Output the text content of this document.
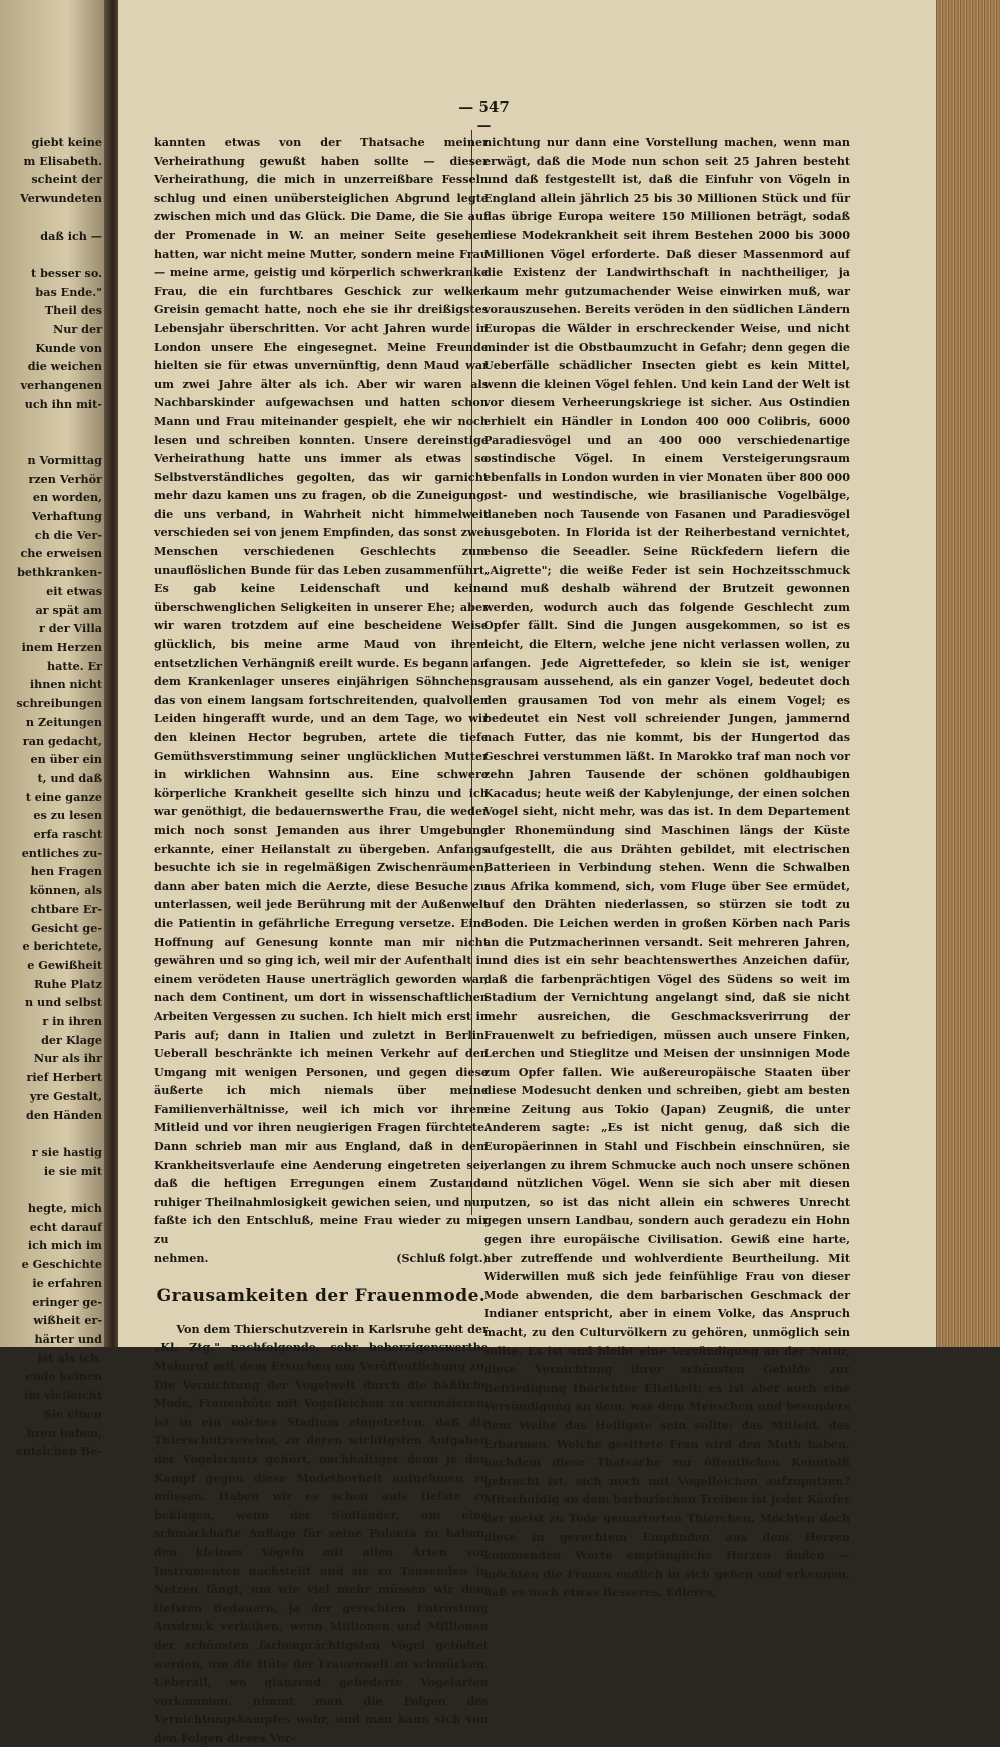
giebt keine
m Elisabeth.
scheint der
Verwundeten

daß ich —

t besser so.
bas Ende."
Theil des
Nur der
Kunde von
die weichen
verhangenen
uch ihn mit-

n Vormittag
rzen Verhör
en worden,
Verhaftung
ch die Ver-
che erweisen
bethkranken-
eit etwas
ar spät am
r der Villa
inem Herzen
hatte. Er
ihnen nicht
schreibungen
n Zeitungen
ran gedacht,
en über ein
t, und daß
t eine ganze
es zu lesen
erfa rascht
entliches zu-
hen Fragen
können, als
chtbare Er-
Gesicht ge-
e berichtete,
e Gewißheit
Ruhe Platz
n und selbst
r in ihren
der Klage
Nur als ihr
rief Herbert
yre Gestalt,
den Händen

r sie hastig
ie sie mit

hegte, mich
echt darauf
ich mich im
e Geschichte
ie erfahren
eringer ge-
wißheit er-
härter und
ist als ich.
ende keinen
im vielleicht
Sie einen
hren haben,
entsichen Be-
— 547 —

kannten etwas von der Thatsache meiner Verheirathung gewußt haben sollte — dieser Verheirathung, die mich in unzerreißbare Fesseln schlug und einen unübersteiglichen Abgrund legte zwischen mich und das Glück. Die Dame, die Sie auf der Promenade in W. an meiner Seite gesehen hatten, war nicht meine Mutter, sondern meine Frau — meine arme, geistig und körperlich schwerkranke Frau, die ein furchtbares Geschick zur welken Greisin gemacht hatte, noch ehe sie ihr dreißigstes Lebensjahr überschritten. Vor acht Jahren wurde in London unsere Ehe eingesegnet. Meine Freunde hielten sie für etwas unvernünftig, denn Maud war um zwei Jahre älter als ich. Aber wir waren als Nachbarskinder aufgewachsen und hatten schon Mann und Frau miteinander gespielt, ehe wir noch lesen und schreiben konnten. Unsere dereinstige Verheirathung hatte uns immer als etwas so Selbstverständliches gegolten, das wir garnicht mehr dazu kamen uns zu fragen, ob die Zuneigung, die uns verband, in Wahrheit nicht himmelweit verschieden sei von jenem Empfinden, das sonst zwei Menschen verschiedenen Geschlechts zum unauflöslichen Bunde für das Leben zusammenführt. Es gab keine Leidenschaft und keine überschwenglichen Seligkeiten in unserer Ehe; aber wir waren trotzdem auf eine bescheidene Weise glücklich, bis meine arme Maud von ihrem entsetzlichen Verhängniß ereilt wurde. Es begann an dem Krankenlager unseres einjährigen Söhnchens, das von einem langsam fortschreitenden, qualvollen Leiden hingerafft wurde, und an dem Tage, wo wir den kleinen Hector begruben, artete die tiefe Gemüthsverstimmung seiner unglücklichen Mutter in wirklichen Wahnsinn aus. Eine schwere körperliche Krankheit gesellte sich hinzu und ich war genöthigt, die bedauernswerthe Frau, die weder mich noch sonst Jemanden aus ihrer Umgebung erkannte, einer Heilanstalt zu übergeben. Anfangs besuchte ich sie in regelmäßigen Zwischenräumen; dann aber baten mich die Aerzte, diese Besuche zu unterlassen, weil jede Berührung mit der Außenwelt die Patientin in gefährliche Erregung versetze. Eine Hoffnung auf Genesung konnte man mir nicht gewähren und so ging ich, weil mir der Aufenthalt in einem verödeten Hause unerträglich geworden war, nach dem Continent, um dort in wissenschaftlichen Arbeiten Vergessen zu suchen. Ich hielt mich erst in Paris auf; dann in Italien und zuletzt in Berlin. Ueberall beschränkte ich meinen Verkehr auf den Umgang mit wenigen Personen, und gegen diese äußerte ich mich niemals über meine Familienverhältnisse, weil ich mich vor ihrem Mitleid und vor ihren neugierigen Fragen fürchtete. Dann schrieb man mir aus England, daß in dem Krankheitsverlaufe eine Aenderung eingetreten sei, daß die heftigen Erregungen einem Zustande ruhiger Theilnahmlosigkeit gewichen seien, und nun faßte ich den Entschluß, meine Frau wieder zu mir zu

nehmen.	(Schluß folgt.)

Grausamkeiten der Frauenmode.

Von dem Thierschutzverein in Karlsruhe geht der „Kl. Ztg." nachfolgende, sehr beherzigenswerthe Mahnruf mit dem Ersuchen um Veröffentlichung zu. Die Vernichtung der Vogelwelt durch die häßliche Mode, Frauenhüte mit Vogelleichen zu verunzieren, ist in ein solches Stadium eingetreten, daß die Thierschutzvereine, zu deren wichtigsten Aufgaben der Vogelschutz gehört, nachhaltiger denn je den Kampf gegen diese Modethorheit aufnehmen zu müssen. Haben wir es schon aufs tiefste zu beklagen, wenn der Südländer, um eine schmackhafte Auflage für seine Polenta zu haben, den kleinen Vögeln mit allen Arten von Instrumenten nachstellt und sie zu Tausenden in Netzen fängt, um wie viel mehr müssen wir dem tiefsten Bedauern, ja der gerechten Entrüstung Ausdruck verleihen, wenn Millionen und Millionen der schönsten farbenprächtigsten Vögel getödtet werden, um die Hüte der Frauenwelt zu schmücken. Ueberall, wo glänzend gefiederte Vogelarten vorkommen, nimmt man die Folgen des Vernichtungskampfes wahr, und man kann sich von den Folgen dieses Ver-

nichtung nur dann eine Vorstellung machen, wenn man erwägt, daß die Mode nun schon seit 25 Jahren besteht und daß festgestellt ist, daß die Einfuhr von Vögeln in England allein jährlich 25 bis 30 Millionen Stück und für das übrige Europa weitere 150 Millionen beträgt, sodaß diese Modekrankheit seit ihrem Bestehen 2000 bis 3000 Millionen Vögel erforderte. Daß dieser Massenmord auf die Existenz der Landwirthschaft in nachtheiliger, ja kaum mehr gutzumachender Weise einwirken muß, war vorauszusehen. Bereits veröden in den südlichen Ländern Europas die Wälder in erschreckender Weise, und nicht minder ist die Obstbaumzucht in Gefahr; denn gegen die Ueberfälle schädlicher Insecten giebt es kein Mittel, wenn die kleinen Vögel fehlen. Und kein Land der Welt ist vor diesem Verheerungskriege ist sicher. Aus Ostindien erhielt ein Händler in London 400 000 Colibris, 6000 Paradiesvögel und an 400 000 verschiedenartige ostindische Vögel. In einem Versteigerungsraum ebenfalls in London wurden in vier Monaten über 800 000 ost- und westindische, wie brasilianische Vogelbälge, daneben noch Tausende von Fasanen und Paradiesvögel ausgeboten. In Florida ist der Reiherbestand vernichtet, ebenso die Seeadler. Seine Rückfedern liefern die „Aigrette"; die weiße Feder ist sein Hochzeitsschmuck und muß deshalb während der Brutzeit gewonnen werden, wodurch auch das folgende Geschlecht zum Opfer fällt. Sind die Jungen ausgekommen, so ist es leicht, die Eltern, welche jene nicht verlassen wollen, zu fangen. Jede Aigrettefeder, so klein sie ist, weniger grausam aussehend, als ein ganzer Vogel, bedeutet doch den grausamen Tod von mehr als einem Vogel; es bedeutet ein Nest voll schreiender Jungen, jammernd nach Futter, das nie kommt, bis der Hungertod das Geschrei verstummen läßt. In Marokko traf man noch vor zehn Jahren Tausende der schönen goldhaubigen Kacadus; heute weiß der Kabylenjunge, der einen solchen Vogel sieht, nicht mehr, was das ist. In dem Departement der Rhonemündung sind Maschinen längs der Küste aufgestellt, die aus Drähten gebildet, mit electrischen Batterieen in Verbindung stehen. Wenn die Schwalben aus Afrika kommend, sich, vom Fluge über See ermüdet, auf den Drähten niederlassen, so stürzen sie todt zu Boden. Die Leichen werden in großen Körben nach Paris an die Putzmacherinnen versandt. Seit mehreren Jahren, und dies ist ein sehr beachtenswerthes Anzeichen dafür, daß die farbenprächtigen Vögel des Südens so weit im Stadium der Vernichtung angelangt sind, daß sie nicht mehr ausreichen, die Geschmacksverirrung der Frauenwelt zu befriedigen, müssen auch unsere Finken, Lerchen und Stieglitze und Meisen der unsinnigen Mode zum Opfer fallen. Wie außereuropäische Staaten über diese Modesucht denken und schreiben, giebt am besten eine Zeitung aus Tokio (Japan) Zeugniß, die unter Anderem sagte: „Es ist nicht genug, daß sich die Europäerinnen in Stahl und Fischbein einschnüren, sie verlangen zu ihrem Schmucke auch noch unsere schönen und nützlichen Vögel. Wenn sie sich aber mit diesen putzen, so ist das nicht allein ein schweres Unrecht gegen unsern Landbau, sondern auch geradezu ein Hohn gegen ihre europäische Civilisation. Gewiß eine harte, aber zutreffende und wohlverdiente Beurtheilung. Mit Widerwillen muß sich jede feinfühlige Frau von dieser Mode abwenden, die dem barbarischen Geschmack der Indianer entspricht, aber in einem Volke, das Anspruch macht, zu den Culturvölkern zu gehören, unmöglich sein sollte. Es ist und bleibt eine Versündigung an der Natur, diese Vernichtung ihrer schönsten Gebilde zur Befriedigung thörichter Eitelkeit; es ist aber auch eine Versündigung an dem, was dem Menschen und besonders dem Weibe das Heiligste sein sollte: das Mitleid, das Erbarmen. Welche gesittete Frau wird den Muth haben, nachdem diese Thatsache zur öffentlichen Kenntniß gebracht ist, sich noch mit Vogelleichen aufzuputzen? Mitschuldig an dem barbarischen Treiben ist jeder Käufer der meist zu Tode gemarterten Thierchen. Möchten doch diese in gerechtem Empfinden aus dem Herzen kommenden Worte empfängliche Herzen finden — möchten die Frauen endlich in sich gehen und erkennen, daß es noch etwas Besseres, Edleres,
